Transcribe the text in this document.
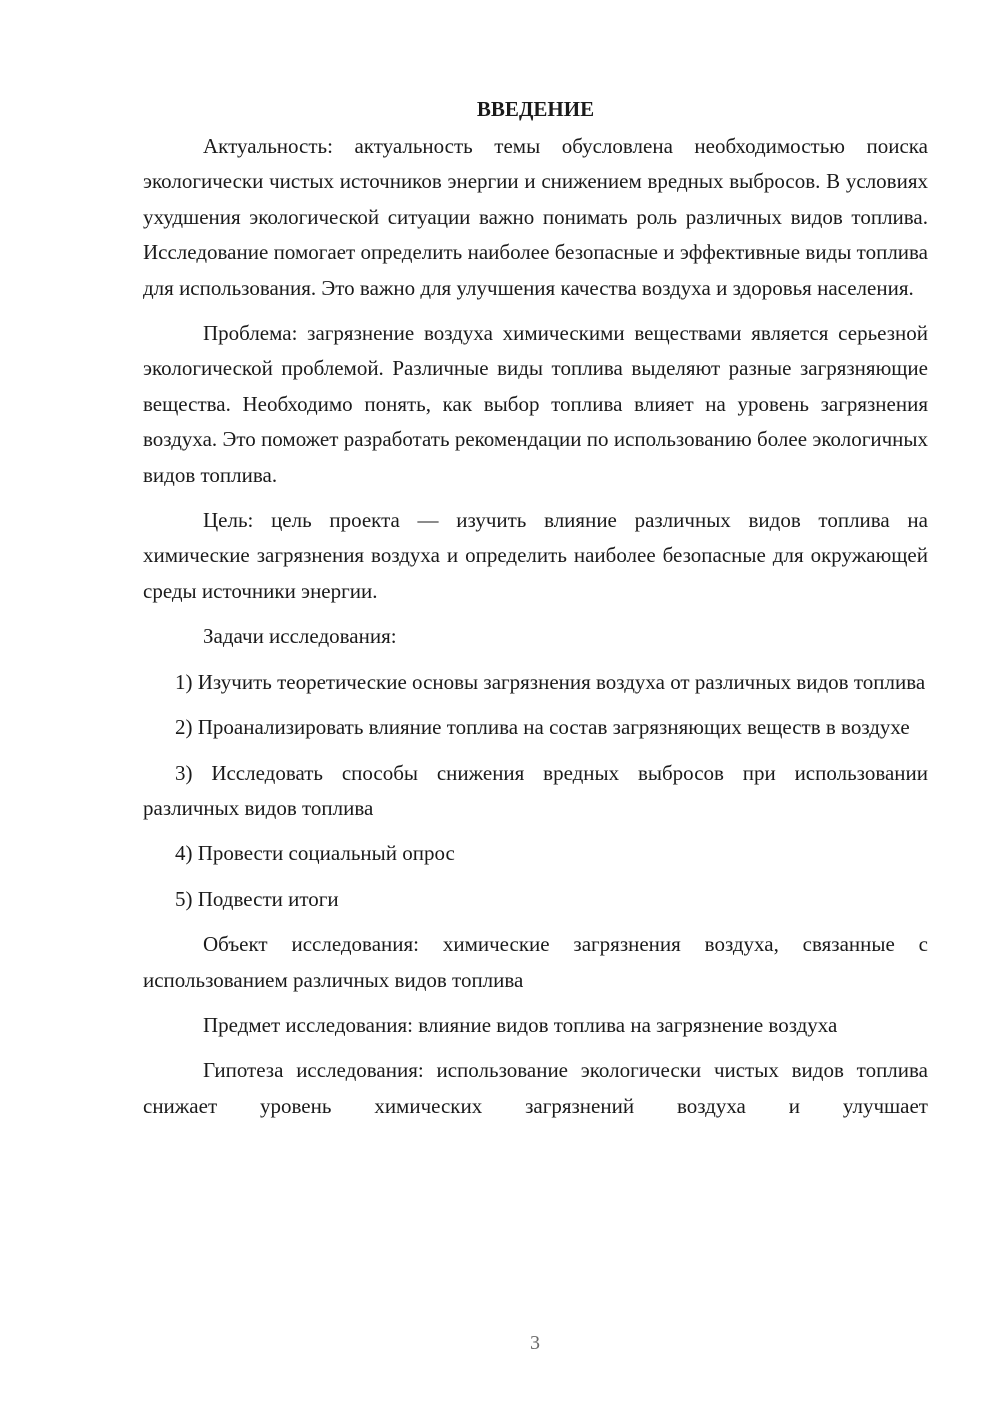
ВВЕДЕНИЕ

Актуальность: актуальность темы обусловлена необходимостью поиска экологически чистых источников энергии и снижением вредных выбросов. В условиях ухудшения экологической ситуации важно понимать роль различных видов топлива. Исследование помогает определить наиболее безопасные и эффективные виды топлива для использования. Это важно для улучшения качества воздуха и здоровья населения.

Проблема: загрязнение воздуха химическими веществами является серьезной экологической проблемой. Различные виды топлива выделяют разные загрязняющие вещества. Необходимо понять, как выбор топлива влияет на уровень загрязнения воздуха. Это поможет разработать рекомендации по использованию более экологичных видов топлива.

Цель: цель проекта — изучить влияние различных видов топлива на химические загрязнения воздуха и определить наиболее безопасные для окружающей среды источники энергии.

Задачи исследования:

1) Изучить теоретические основы загрязнения воздуха от различных видов топлива

2) Проанализировать влияние топлива на состав загрязняющих веществ в воздухе

3) Исследовать способы снижения вредных выбросов при использовании различных видов топлива

4) Провести социальный опрос

5) Подвести итоги

Объект исследования: химические загрязнения воздуха, связанные с использованием различных видов топлива

Предмет исследования: влияние видов топлива на загрязнение воздуха

Гипотеза исследования: использование экологически чистых видов топлива снижает уровень химических загрязнений воздуха и улучшает

3
